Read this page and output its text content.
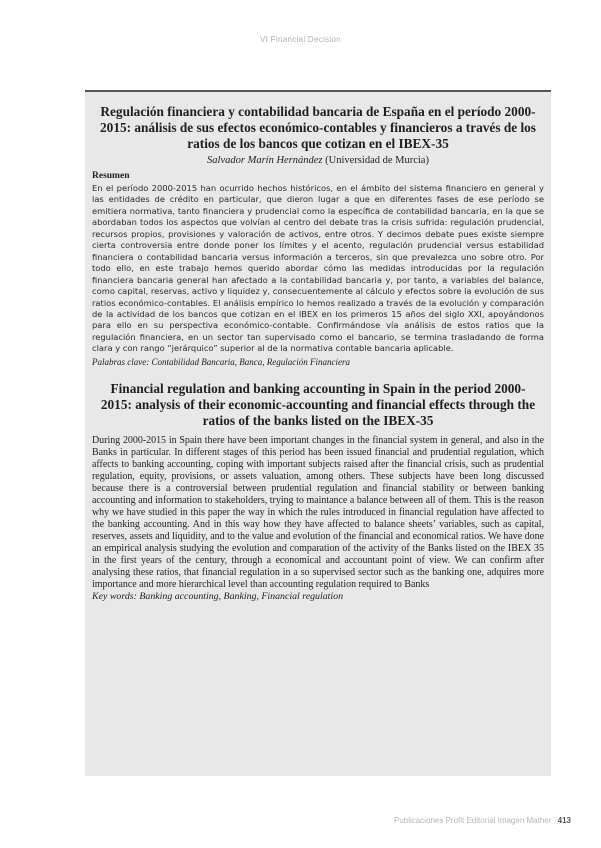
VI Financial Decision
Regulación financiera y contabilidad bancaria de España en el período 2000-2015: análisis de sus efectos económico-contables y financieros a través de los ratios de los bancos que cotizan en el IBEX-35
Salvador Marín Hernández (Universidad de Murcia)
Resumen
En el período 2000-2015 han ocurrido hechos históricos, en el ámbito del sistema financiero en general y las entidades de crédito en particular, que dieron lugar a que en diferentes fases de ese período se emitiera normativa, tanto financiera y prudencial como la específica de contabilidad bancaria, en la que se abordaban todos los aspectos que volvían al centro del debate tras la crisis sufrida: regulación prudencial, recursos propios, provisiones y valoración de activos, entre otros. Y decimos debate pues existe siempre cierta controversia entre donde poner los límites y el acento, regulación prudencial versus estabilidad financiera o contabilidad bancaria versus información a terceros, sin que prevalezca uno sobre otro. Por todo ello, en este trabajo hemos querido abordar cómo las medidas introducidas por la regulación financiera bancaria general han afectado a la contabilidad bancaria y, por tanto, a variables del balance, como capital, reservas, activo y liquidez y, consecuentemente al cálculo y efectos sobre la evolución de sus ratios económico-contables. El análisis empírico lo hemos realizado a través de la evolución y comparación de la actividad de los bancos que cotizan en el IBEX en los primeros 15 años del siglo XXI, apoyándonos para ello en su perspectiva económico-contable. Confirmándose vía análisis de estos ratios que la regulación financiera, en un sector tan supervisado como el bancario, se termina trasladando de forma clara y con rango “jerárquico” superior al de la normativa contable bancaria aplicable.
Palabras clave: Contabilidad Bancaria, Banca, Regulación Financiera
Financial regulation and banking accounting in Spain in the period 2000-2015: analysis of their economic-accounting and financial effects through the ratios of the banks listed on the IBEX-35
During 2000-2015 in Spain there have been important changes in the financial system in general, and also in the Banks in particular. In different stages of this period has been issued financial and prudential regulation, which affects to banking accounting, coping with important subjects raised after the financial crisis, such as prudential regulation, equity, provisions, or assets valuation, among others. These subjects have been long discussed because there is a controversial between prudential regulation and financial stability or between banking accounting and information to stakeholders, trying to maintance a balance between all of them. This is the reason why we have studied in this paper the way in which the rules introduced in financial regulation have affected to the banking accounting. And in this way how they have affected to balance sheets’ variables, such as capital, reserves, assets and liquidity, and to the value and evolution of the financial and economical ratios. We have done an empirical analysis studying the evolution and comparation of the activity of the Banks listed on the IBEX 35 in the first years of the century, through a economical and accountant point of view. We can confirm after analysing these ratios, that financial regulation in a so supervised sector such as the banking one, adquires more importance and more hierarchical level than accounting regulation required to Banks
Key words: Banking accounting, Banking, Financial regulation
Publicaciones Profit Editorial Imagen Mather 413
